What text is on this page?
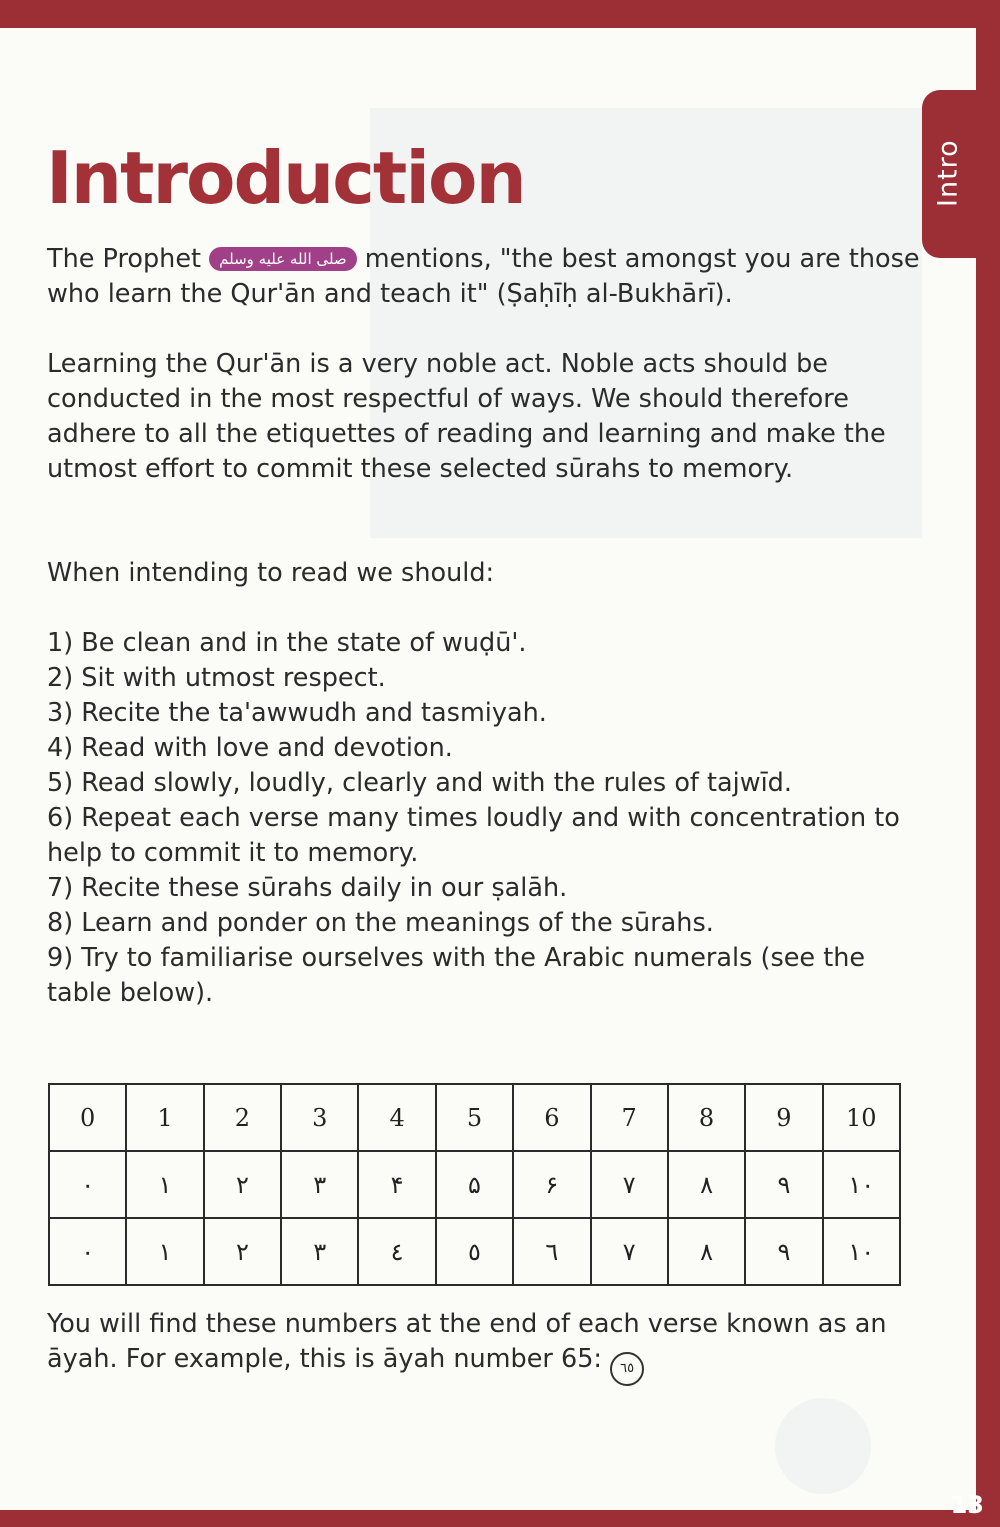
Intro
Introduction

The Prophet صلى الله عليه وسلم mentions, "the best amongst you are those who learn the Qur'ān and teach it" (Ṣaḥīḥ al-Bukhārī).

Learning the Qur'ān is a very noble act. Noble acts should be conducted in the most respectful of ways. We should therefore adhere to all the etiquettes of reading and learning and make the utmost effort to commit these selected sūrahs to memory.

When intending to read we should:

1) Be clean and in the state of wuḍū'.
2) Sit with utmost respect.
3) Recite the ta'awwudh and tasmiyah.
4) Read with love and devotion.
5) Read slowly, loudly, clearly and with the rules of tajwīd.
6) Repeat each verse many times loudly and with concentration to help to commit it to memory.
7) Recite these sūrahs daily in our ṣalāh.
8) Learn and ponder on the meanings of the sūrahs.
9) Try to familiarise ourselves with the Arabic numerals (see the table below).
0	1	2	3	4	5	6	7	8	9	10
۰	۱	۲	۳	۴	۵	۶	۷	۸	۹	۱۰
٠	١	٢	٣	٤	٥	٦	٧	٨	٩	١٠

You will find these numbers at the end of each verse known as an āyah. For example, this is āyah number 65: ٦٥

13
